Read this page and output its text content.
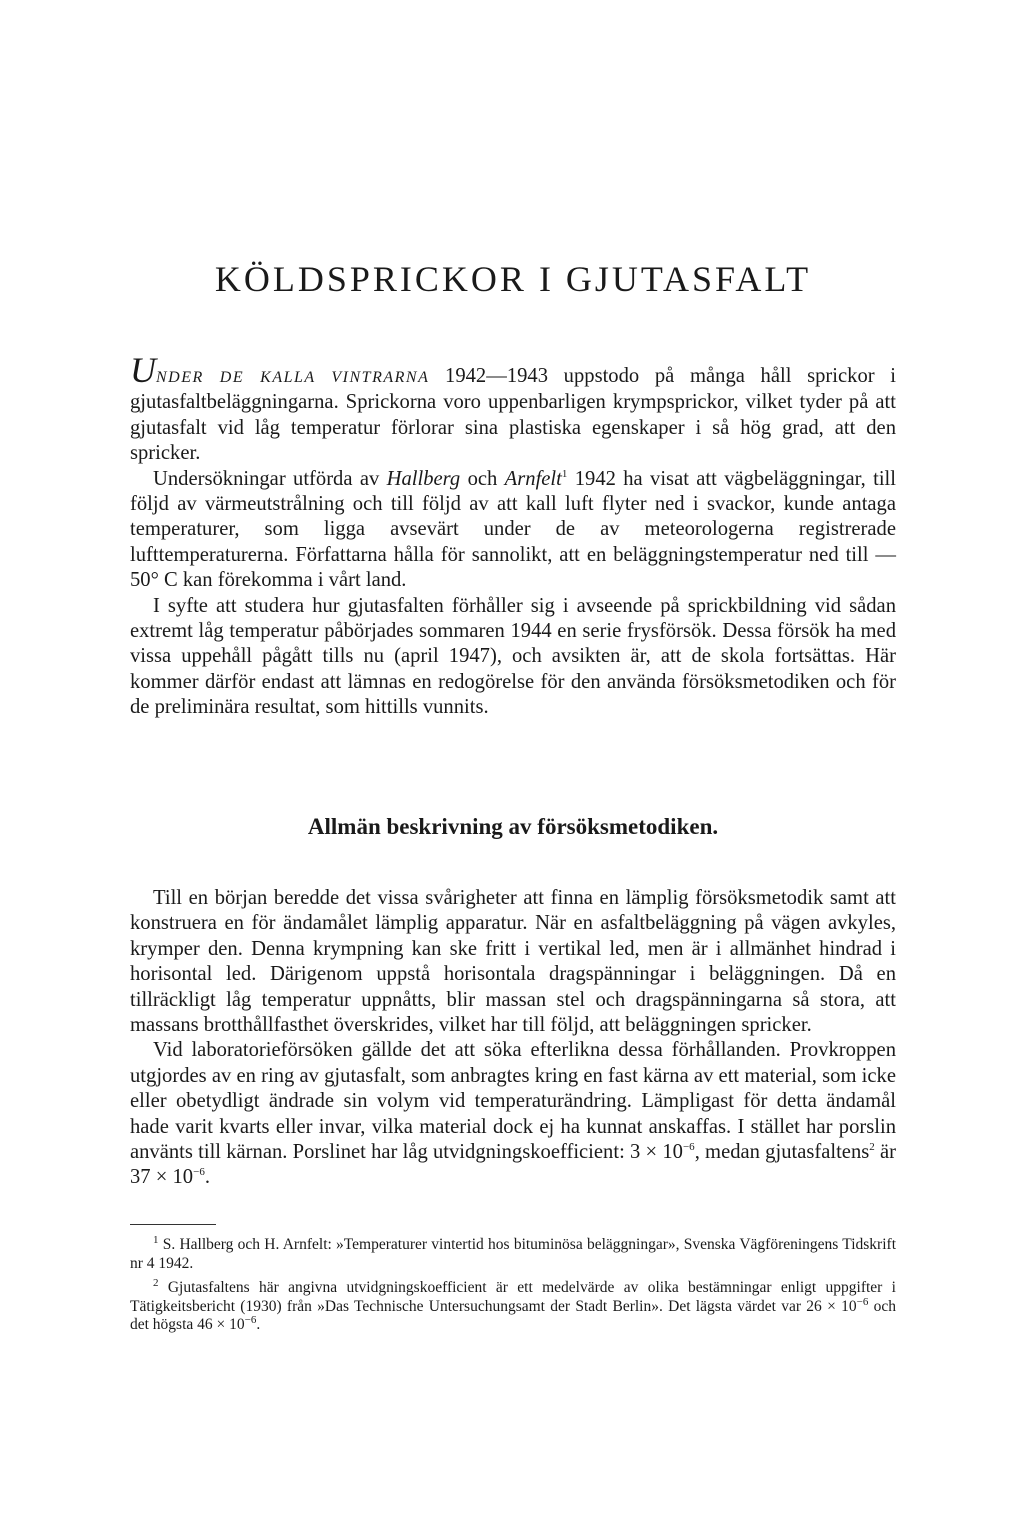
KÖLDSPRICKOR I GJUTASFALT

UNDER DE KALLA VINTRARNA 1942—1943 uppstodo på många håll sprickor i gjutasfaltbeläggningarna. Sprickorna voro uppenbarligen krympsprickor, vilket tyder på att gjutasfalt vid låg temperatur förlorar sina plastiska egenskaper i så hög grad, att den spricker.

Undersökningar utförda av Hallberg och Arnfelt$^1$ 1942 ha visat att vägbeläggningar, till följd av värmeutstrålning och till följd av att kall luft flyter ned i svackor, kunde antaga temperaturer, som ligga avsevärt under de av meteorologerna registrerade lufttemperaturerna. Författarna hålla för sannolikt, att en beläggningstemperatur ned till —50° C kan förekomma i vårt land.

I syfte att studera hur gjutasfalten förhåller sig i avseende på sprickbildning vid sådan extremt låg temperatur påbörjades sommaren 1944 en serie frysförsök. Dessa försök ha med vissa uppehåll pågått tills nu (april 1947), och avsikten är, att de skola fortsättas. Här kommer därför endast att lämnas en redogörelse för den använda försöksmetodiken och för de preliminära resultat, som hittills vunnits.

Allmän beskrivning av försöksmetodiken.

Till en början beredde det vissa svårigheter att finna en lämplig försöksmetodik samt att konstruera en för ändamålet lämplig apparatur. När en asfaltbeläggning på vägen avkyles, krymper den. Denna krympning kan ske fritt i vertikal led, men är i allmänhet hindrad i horisontal led. Därigenom uppstå horisontala dragspänningar i beläggningen. Då en tillräckligt låg temperatur uppnåtts, blir massan stel och dragspänningarna så stora, att massans brotthållfasthet överskrides, vilket har till följd, att beläggningen spricker.

Vid laboratorieförsöken gällde det att söka efterlikna dessa förhållanden. Provkroppen utgjordes av en ring av gjutasfalt, som anbragtes kring en fast kärna av ett material, som icke eller obetydligt ändrade sin volym vid temperaturändring. Lämpligast för detta ändamål hade varit kvarts eller invar, vilka material dock ej ha kunnat anskaffas. I stället har porslin använts till kärnan. Porslinet har låg utvidgningskoefficient: $3 \times 10^{-6}$, medan gjutasfaltens$^2$ är $37 \times 10^{-6}$.

$^1$ S. Hallberg och H. Arnfelt: »Temperaturer vintertid hos bituminösa beläggningar», Svenska Vägföreningens Tidskrift nr 4 1942.

$^2$ Gjutasfaltens här angivna utvidgningskoefficient är ett medelvärde av olika bestämningar enligt uppgifter i Tätigkeitsbericht (1930) från »Das Technische Untersuchungsamt der Stadt Berlin». Det lägsta värdet var $26 \times 10^{-6}$ och det högsta $46 \times 10^{-6}$.
